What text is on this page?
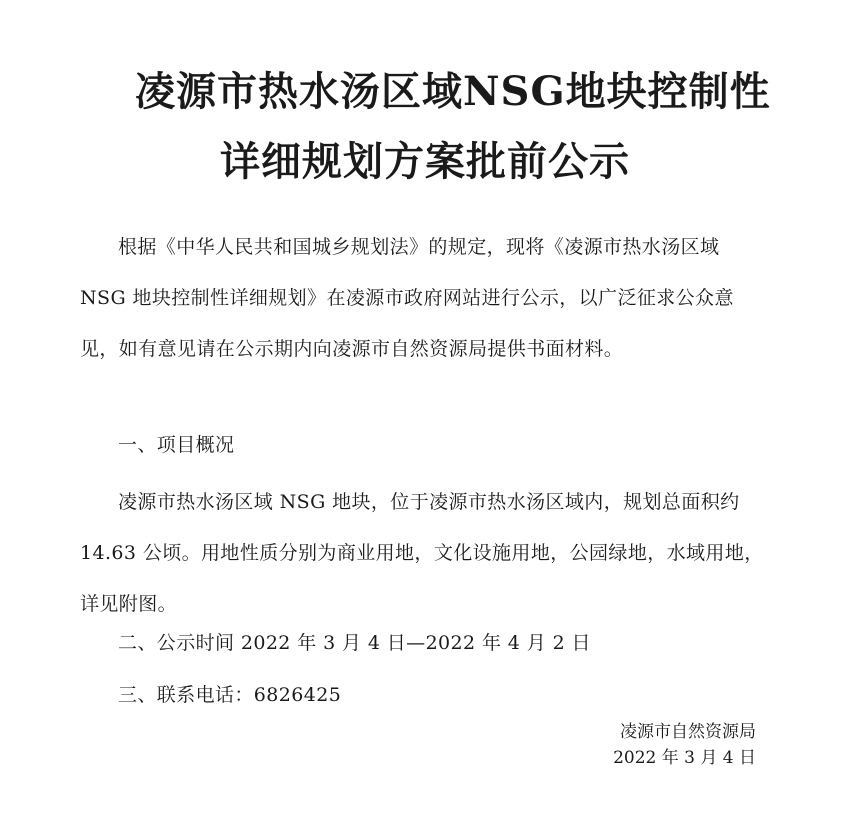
凌源市热水汤区域NSG地块控制性
详细规划方案批前公示

根据《中华人民共和国城乡规划法》的规定，现将《凌源市热水汤区域 NSG 地块控制性详细规划》在凌源市政府网站进行公示，以广泛征求公众意见，如有意见请在公示期内向凌源市自然资源局提供书面材料。

一、项目概况

凌源市热水汤区域 NSG 地块，位于凌源市热水汤区域内，规划总面积约 14.63 公顷。用地性质分别为商业用地，文化设施用地，公园绿地，水域用地，详见附图。

二、公示时间 2022 年 3 月 4 日—2022 年 4 月 2 日
三、联系电话：6826425
凌源市自然资源局
2022 年 3 月 4 日
